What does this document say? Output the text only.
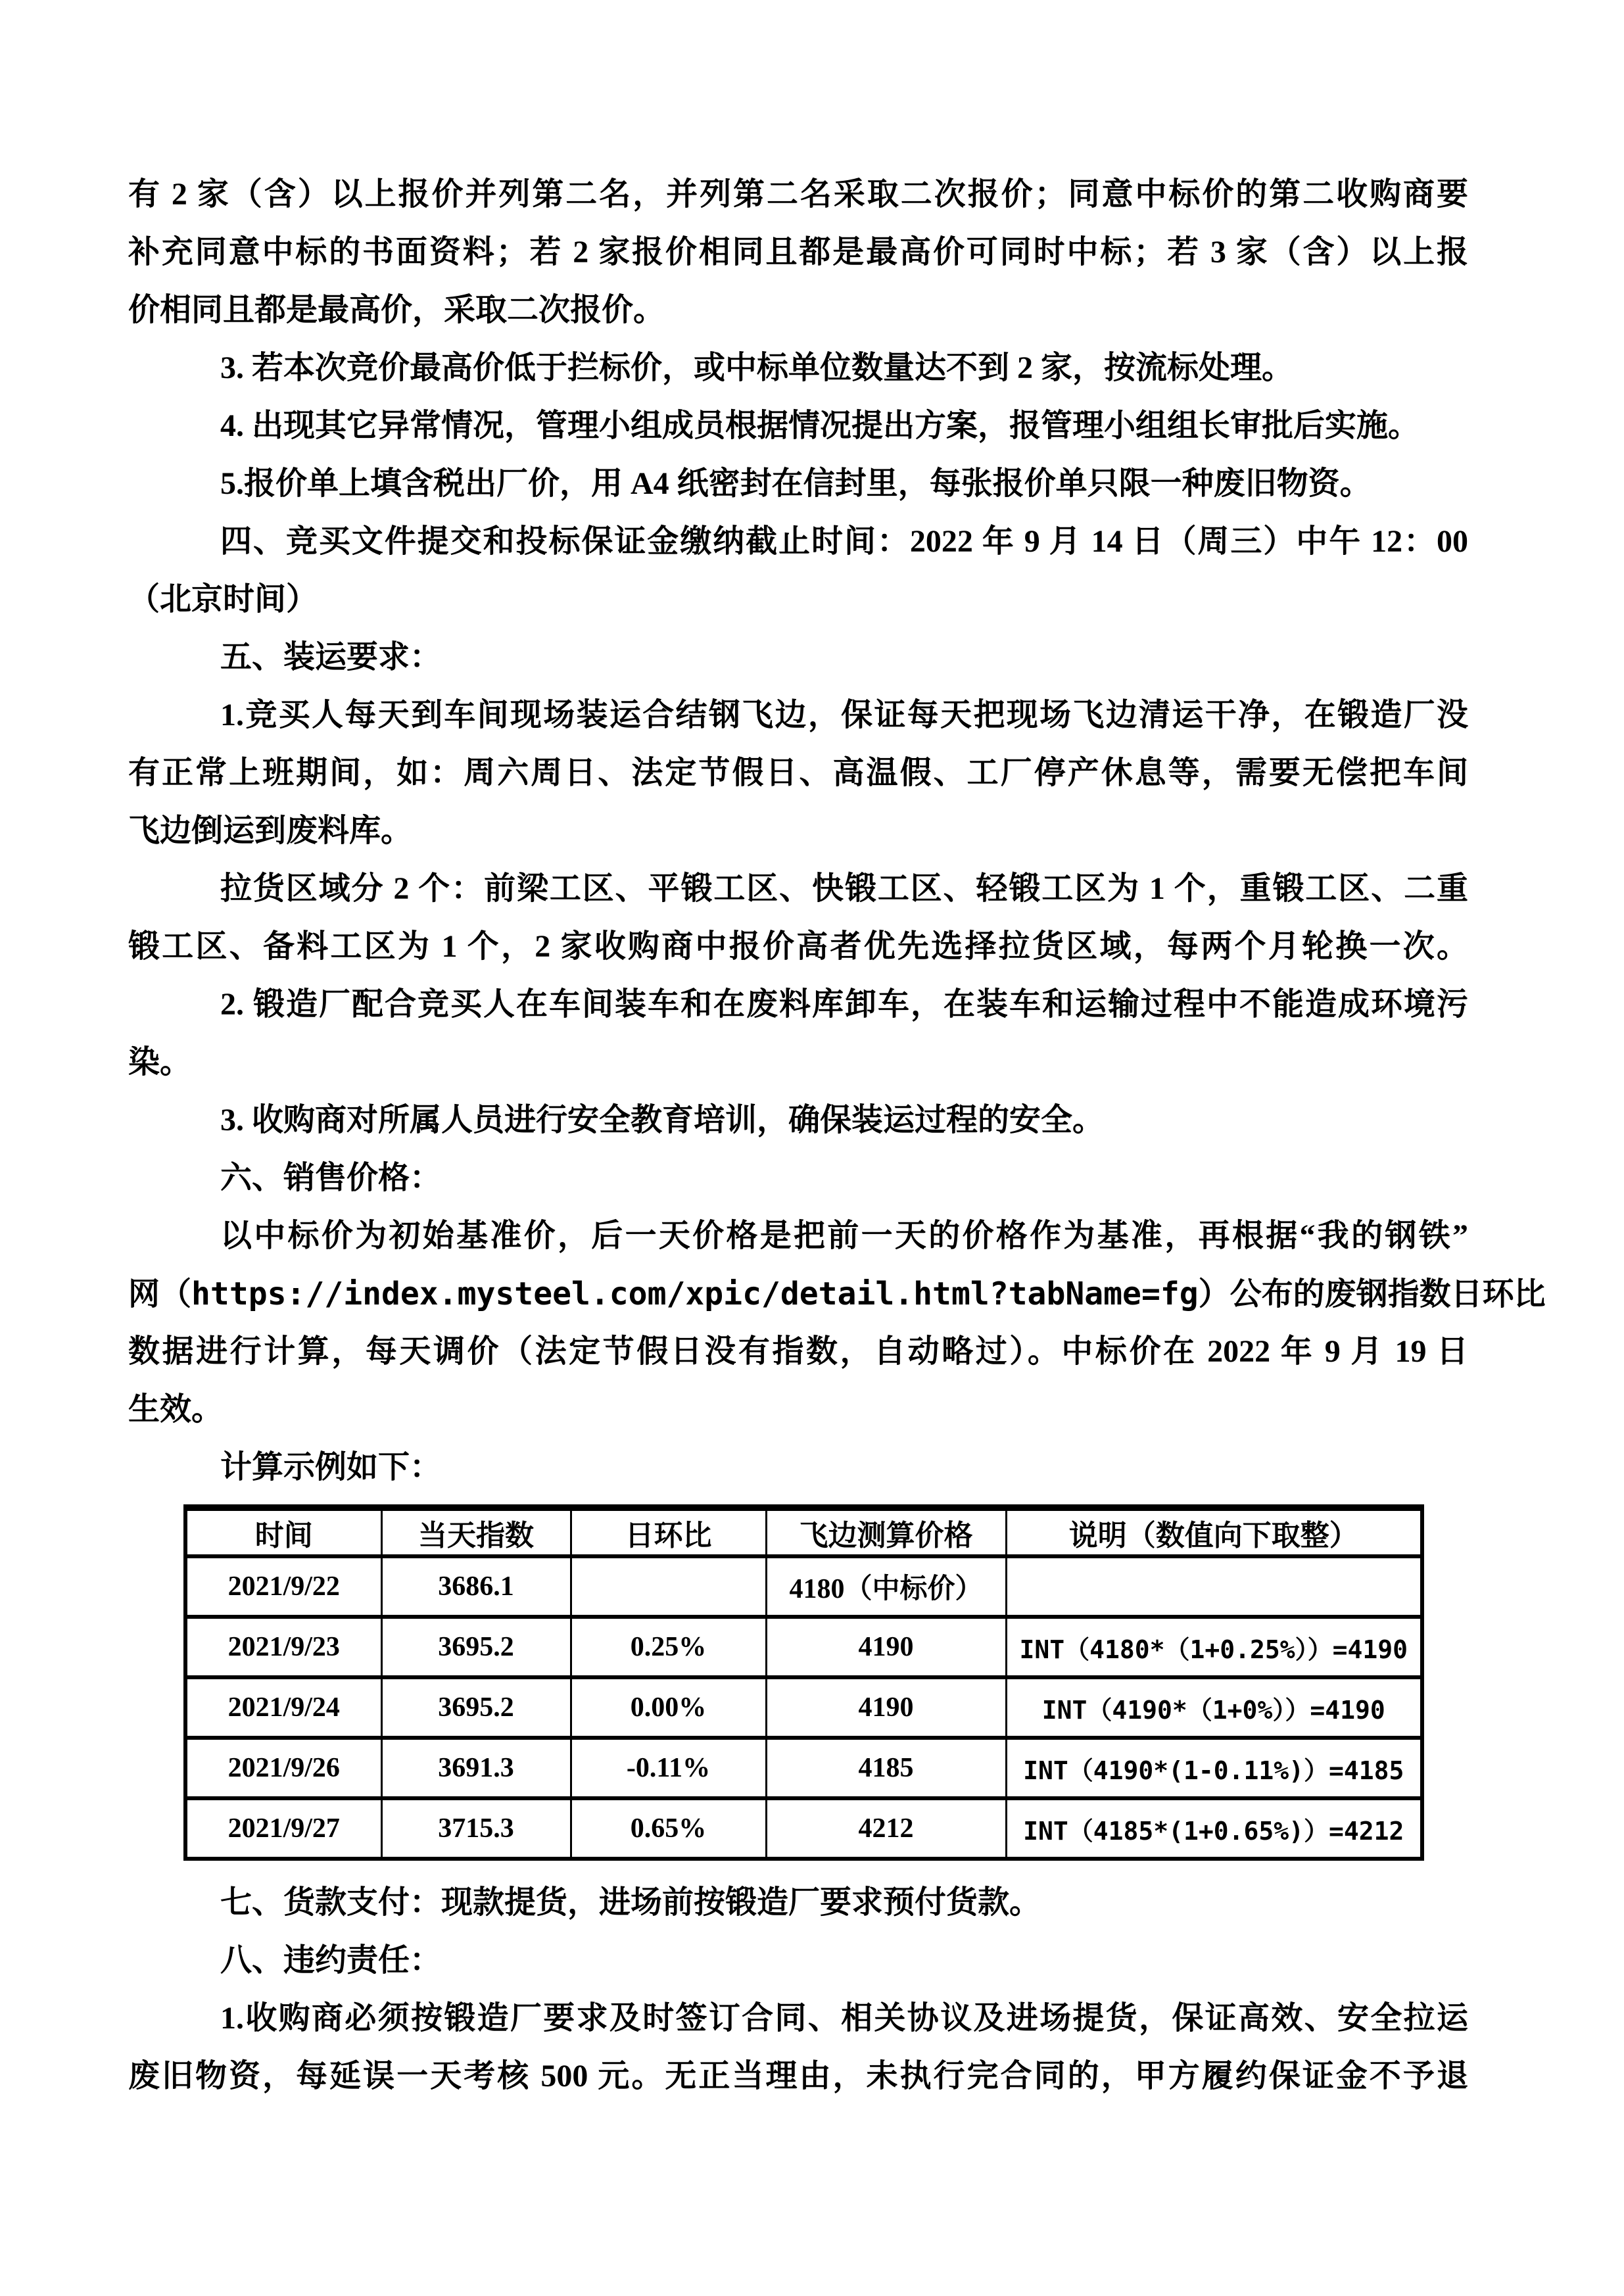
有 2 家（含）以上报价并列第二名，并列第二名采取二次报价；同意中标价的第二收购商要
补充同意中标的书面资料；若 2 家报价相同且都是最高价可同时中标；若 3 家（含）以上报
价相同且都是最高价，采取二次报价。
3. 若本次竞价最高价低于拦标价，或中标单位数量达不到 2 家，按流标处理。
4. 出现其它异常情况，管理小组成员根据情况提出方案，报管理小组组长审批后实施。
5.报价单上填含税出厂价，用 A4 纸密封在信封里，每张报价单只限一种废旧物资。
四、竞买文件提交和投标保证金缴纳截止时间：2022 年 9 月 14 日（周三）中午 12：00
（北京时间）
五、装运要求：
1.竞买人每天到车间现场装运合结钢飞边，保证每天把现场飞边清运干净，在锻造厂没
有正常上班期间，如：周六周日、法定节假日、高温假、工厂停产休息等，需要无偿把车间
飞边倒运到废料库。
拉货区域分 2 个：前梁工区、平锻工区、快锻工区、轻锻工区为 1 个，重锻工区、二重
锻工区、备料工区为 1 个，2 家收购商中报价高者优先选择拉货区域，每两个月轮换一次。
2. 锻造厂配合竞买人在车间装车和在废料库卸车，在装车和运输过程中不能造成环境污
染。
3. 收购商对所属人员进行安全教育培训，确保装运过程的安全。
六、销售价格：
以中标价为初始基准价，后一天价格是把前一天的价格作为基准，再根据“我的钢铁”
网（https://index.mysteel.com/xpic/detail.html?tabName=fg）公布的废钢指数日环比
数据进行计算，每天调价（法定节假日没有指数，自动略过）。中标价在 2022 年 9 月 19 日
生效。
计算示例如下：
时间	当天指数	日环比	飞边测算价格	说明（数值向下取整）
2021/9/22	3686.1		4180（中标价）	
2021/9/23	3695.2	0.25%	4190	INT（4180*（1+0.25%））=4190
2021/9/24	3695.2	0.00%	4190	INT（4190*（1+0%））=4190
2021/9/26	3691.3	-0.11%	4185	INT（4190*(1-0.11%)）=4185
2021/9/27	3715.3	0.65%	4212	INT（4185*(1+0.65%)）=4212
七、货款支付：现款提货，进场前按锻造厂要求预付货款。
八、违约责任：
1.收购商必须按锻造厂要求及时签订合同、相关协议及进场提货，保证高效、安全拉运
废旧物资，每延误一天考核 500 元。无正当理由，未执行完合同的，甲方履约保证金不予退
